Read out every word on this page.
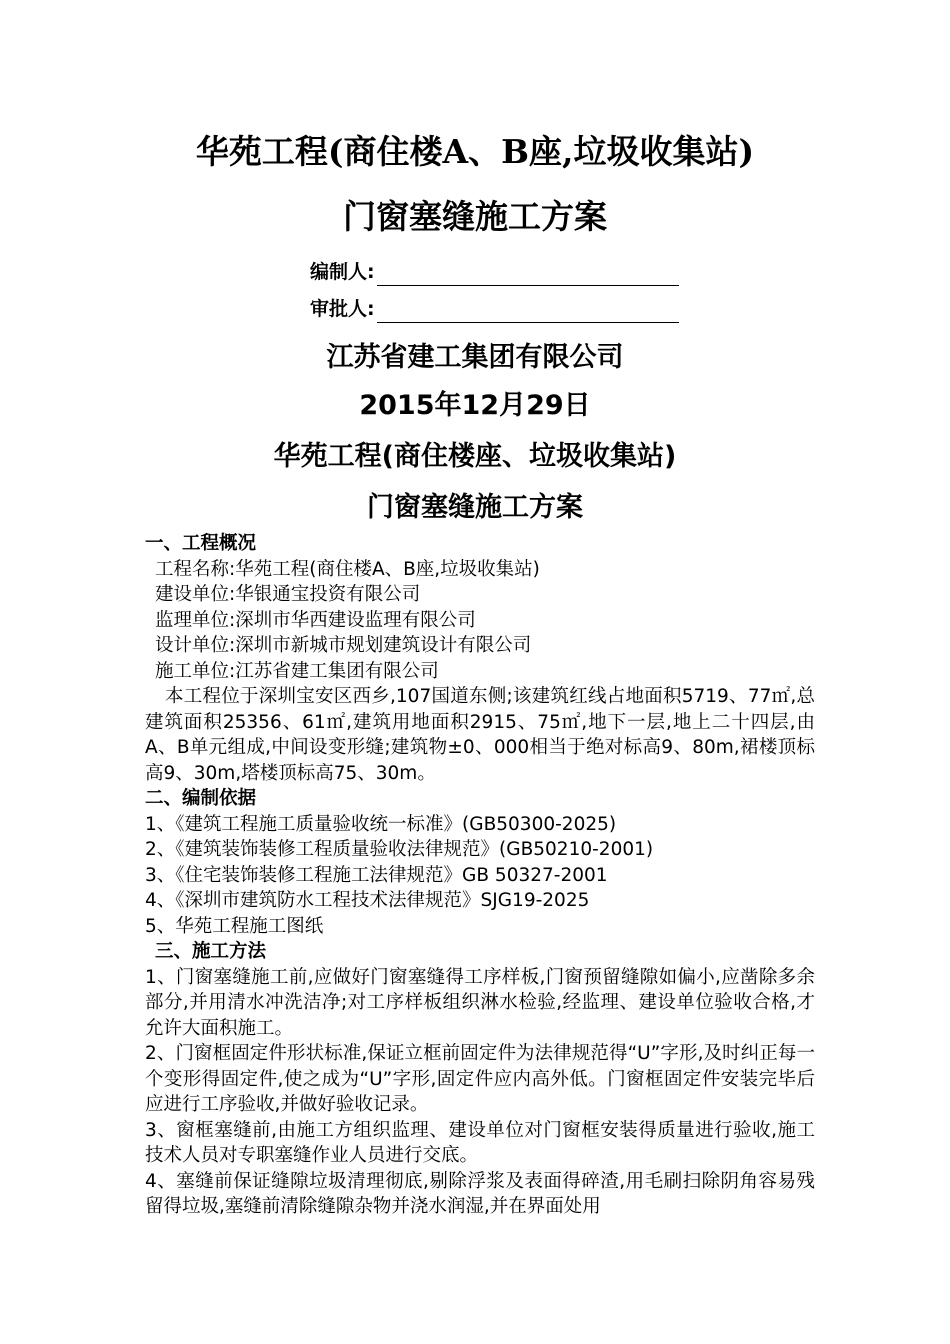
华苑工程(商住楼A、B座,垃圾收集站)
门窗塞缝施工方案
编制人:
审批人:
江苏省建工集团有限公司
2015年12月29日
华苑工程(商住楼座、垃圾收集站)
门窗塞缝施工方案

一、工程概况

工程名称:华苑工程(商住楼A、B座,垃圾收集站)

建设单位:华银通宝投资有限公司

监理单位:深圳市华西建设监理有限公司

设计单位:深圳市新城市规划建筑设计有限公司

施工单位:江苏省建工集团有限公司

本工程位于深圳宝安区西乡,107国道东侧;该建筑红线占地面积5719、77㎡,总建筑面积25356、61㎡,建筑用地面积2915、75㎡,地下一层,地上二十四层,由A、B单元组成,中间设变形缝;建筑物±0、000相当于绝对标高9、80m,裙楼顶标高9、30m,塔楼顶标高75、30m。

二、编制依据

1、《建筑工程施工质量验收统一标准》(GB50300-2025)

2、《建筑装饰装修工程质量验收法律规范》(GB50210-2001)

3、《住宅装饰装修工程施工法律规范》GB 50327-2001

4、《深圳市建筑防水工程技术法律规范》SJG19-2025

5、华苑工程施工图纸

三、施工方法

1、门窗塞缝施工前,应做好门窗塞缝得工序样板,门窗预留缝隙如偏小,应凿除多余部分,并用清水冲洗洁净;对工序样板组织淋水检验,经监理、建设单位验收合格,才允许大面积施工。

2、门窗框固定件形状标准,保证立框前固定件为法律规范得“U”字形,及时纠正每一个变形得固定件,使之成为“U”字形,固定件应内高外低。门窗框固定件安装完毕后应进行工序验收,并做好验收记录。

3、窗框塞缝前,由施工方组织监理、建设单位对门窗框安装得质量进行验收,施工技术人员对专职塞缝作业人员进行交底。

4、塞缝前保证缝隙垃圾清理彻底,剔除浮浆及表面得碎渣,用毛刷扫除阴角容易残留得垃圾,塞缝前清除缝隙杂物并浇水润湿,并在界面处用
